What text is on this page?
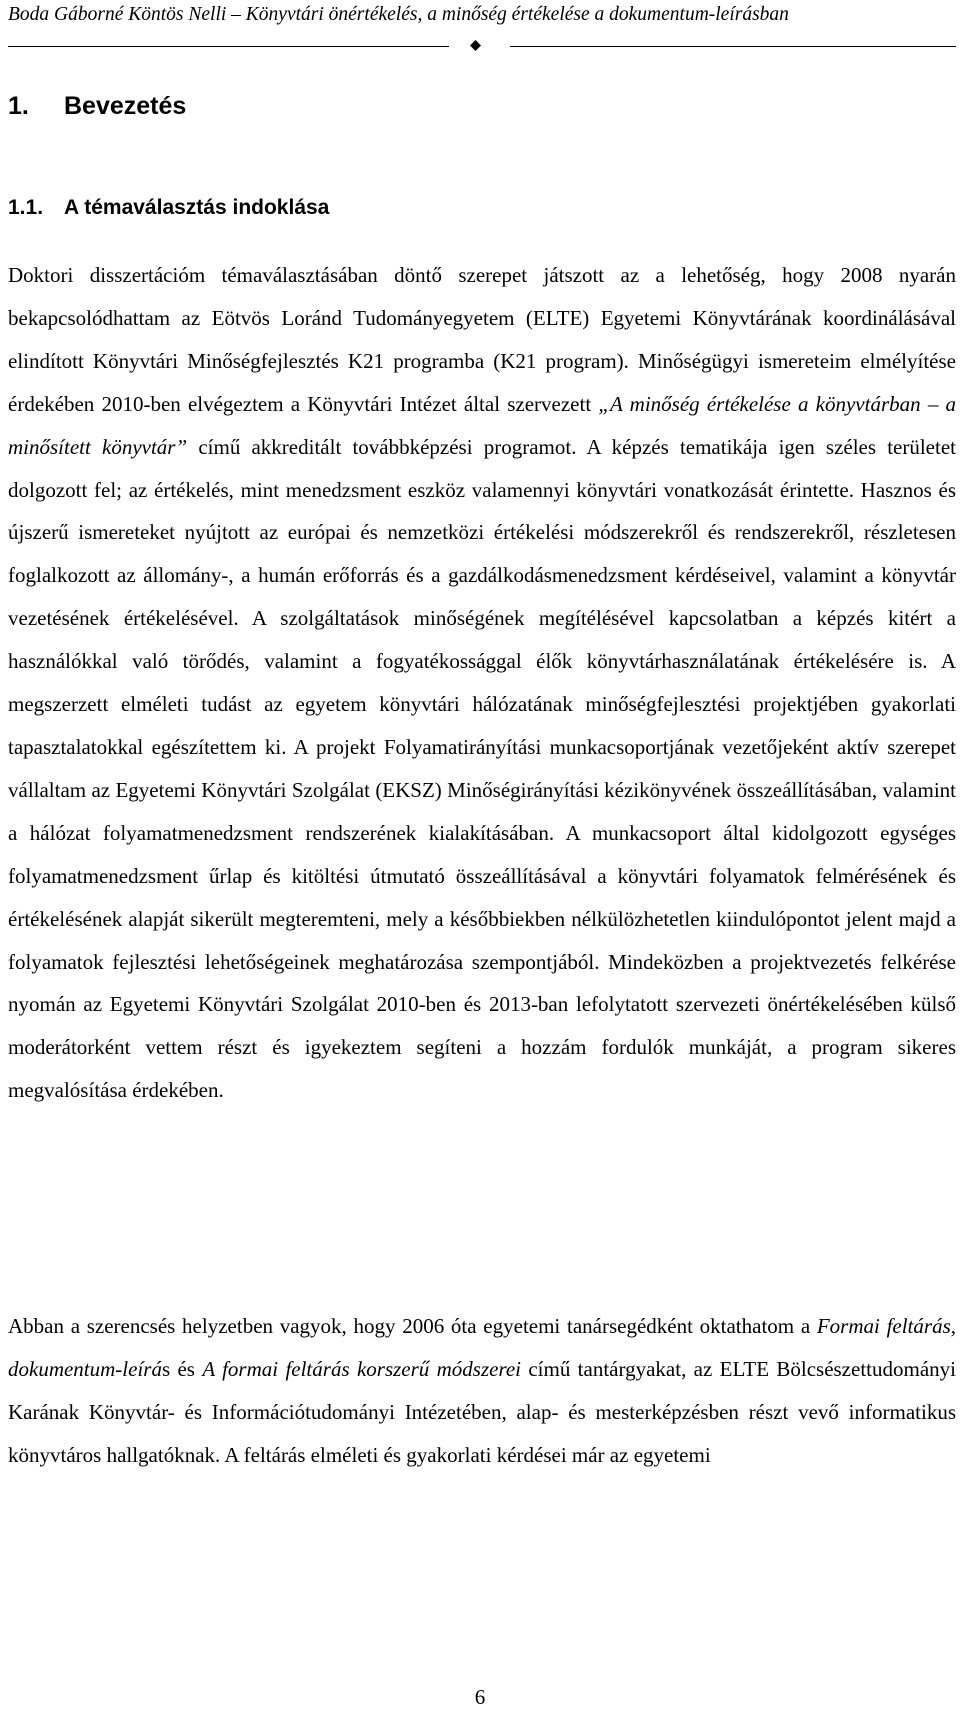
Boda Gáborné Köntös Nelli – Könyvtári önértékelés, a minőség értékelése a dokumentum-leírásban
1. Bevezetés
1.1. A témaválasztás indoklása

Doktori disszertációm témaválasztásában döntő szerepet játszott az a lehetőség, hogy 2008 nyarán bekapcsolódhattam az Eötvös Loránd Tudományegyetem (ELTE) Egyetemi Könyvtárának koordinálásával elindított Könyvtári Minőségfejlesztés K21 programba (K21 program). Minőségügyi ismereteim elmélyítése érdekében 2010-ben elvégeztem a Könyvtári Intézet által szervezett „A minőség értékelése a könyvtárban – a minősített könyvtár” című akkreditált továbbképzési programot. A képzés tematikája igen széles területet dolgozott fel; az értékelés, mint menedzsment eszköz valamennyi könyvtári vonatkozását érintette. Hasznos és újszerű ismereteket nyújtott az európai és nemzetközi értékelési módszerekről és rendszerekről, részletesen foglalkozott az állomány-, a humán erőforrás és a gazdálkodásmenedzsment kérdéseivel, valamint a könyvtár vezetésének értékelésével. A szolgáltatások minőségének megítélésével kapcsolatban a képzés kitért a használókkal való törődés, valamint a fogyatékossággal élők könyvtárhasználatának értékelésére is. A megszerzett elméleti tudást az egyetem könyvtári hálózatának minőségfejlesztési projektjében gyakorlati tapasztalatokkal egészítettem ki. A projekt Folyamatirányítási munkacsoportjának vezetőjeként aktív szerepet vállaltam az Egyetemi Könyvtári Szolgálat (EKSZ) Minőségirányítási kézikönyvének összeállításában, valamint a hálózat folyamatmenedzsment rendszerének kialakításában. A munkacsoport által kidolgozott egységes folyamatmenedzsment űrlap és kitöltési útmutató összeállításával a könyvtári folyamatok felmérésének és értékelésének alapját sikerült megteremteni, mely a későbbiekben nélkülözhetetlen kiindulópontot jelent majd a folyamatok fejlesztési lehetőségeinek meghatározása szempontjából. Mindeközben a projektvezetés felkérése nyomán az Egyetemi Könyvtári Szolgálat 2010-ben és 2013-ban lefolytatott szervezeti önértékelésében külső moderátorként vettem részt és igyekeztem segíteni a hozzám fordulók munkáját, a program sikeres megvalósítása érdekében.

Abban a szerencsés helyzetben vagyok, hogy 2006 óta egyetemi tanársegédként oktathatom a Formai feltárás, dokumentum-leírás és A formai feltárás korszerű módszerei című tantárgyakat, az ELTE Bölcsészettudományi Karának Könyvtár- és Információtudományi Intézetében, alap- és mesterképzésben részt vevő informatikus könyvtáros hallgatóknak. A feltárás elméleti és gyakorlati kérdései már az egyetemi

6
